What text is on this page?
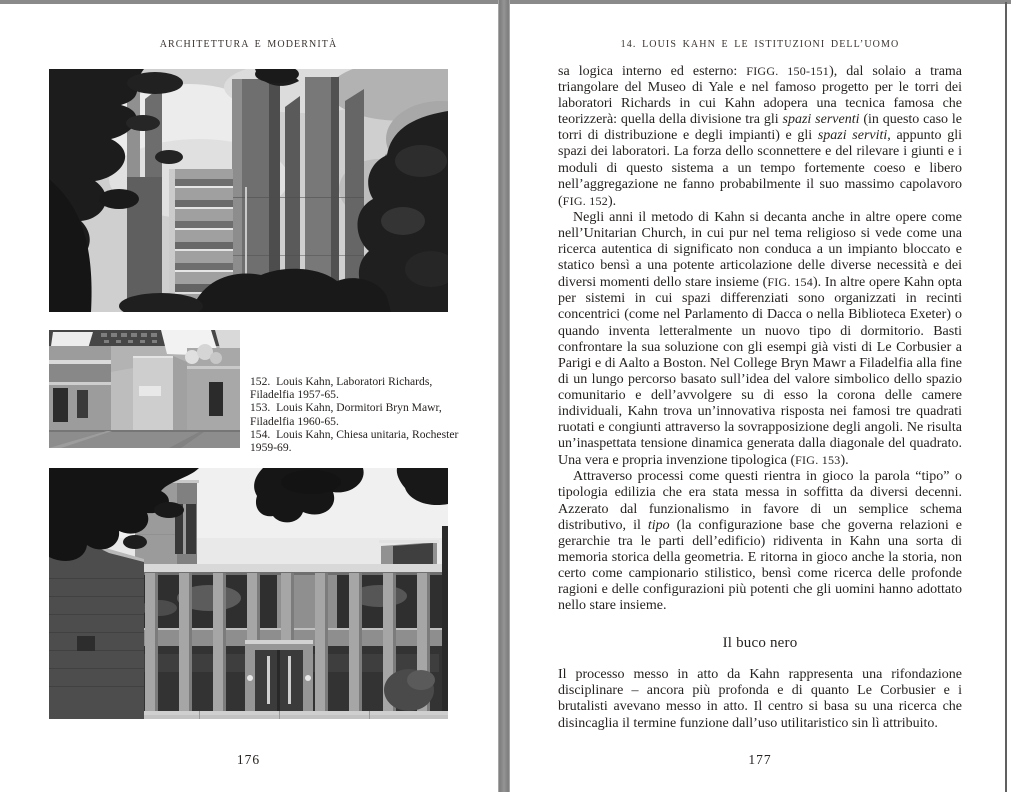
ARCHITETTURA E MODERNITÀ

152. Louis Kahn, Laboratori Richards, Filadelfia 1957-65.

153. Louis Kahn, Dormitori Bryn Mawr, Filadelfia 1960-65.

154. Louis Kahn, Chiesa unitaria, Rochester 1959-69.

176
14. LOUIS KAHN E LE ISTITUZIONI DELL’UOMO

sa logica interno ed esterno: FIGG. 150-151), dal solaio a trama triangolare del Museo di Yale e nel famoso progetto per le torri dei laboratori Richards in cui Kahn adopera una tecnica famosa che teorizzerà: quella della divisione tra gli spazi serventi (in questo caso le torri di distribuzione e degli impianti) e gli spazi serviti, appunto gli spazi dei laboratori. La forza dello sconnettere e del rilevare i giunti e i moduli di questo sistema a un tempo fortemente coeso e libero nell’aggregazione ne fanno probabilmente il suo massimo capolavoro (FIG. 152).

Negli anni il metodo di Kahn si decanta anche in altre opere come nell’Unitarian Church, in cui pur nel tema religioso si vede come una ricerca autentica di significato non conduca a un impianto bloccato e statico bensì a una potente articolazione delle diverse necessità e dei diversi momenti dello stare insieme (FIG. 154). In altre opere Kahn opta per sistemi in cui spazi differenziati sono organizzati in recinti concentrici (come nel Parlamento di Dacca o nella Biblioteca Exeter) o quando inventa letteralmente un nuovo tipo di dormitorio. Basti confrontare la sua soluzione con gli esempi già visti di Le Corbusier a Parigi e di Aalto a Boston. Nel College Bryn Mawr a Filadelfia alla fine di un lungo percorso basato sull’idea del valore simbolico dello spazio comunitario e dell’avvolgere su di esso la corona delle camere individuali, Kahn trova un’innovativa risposta nei famosi tre quadrati ruotati e congiunti attraverso la sovrapposizione degli angoli. Ne risulta un’inaspettata tensione dinamica generata dalla diagonale del quadrato. Una vera e propria invenzione tipologica (FIG. 153).

Attraverso processi come questi rientra in gioco la parola “tipo” o tipologia edilizia che era stata messa in soffitta da diversi decenni. Azzerato dal funzionalismo in favore di un semplice schema distributivo, il tipo (la configurazione base che governa relazioni e gerarchie tra le parti dell’edificio) ridiventa in Kahn una sorta di memoria storica della geometria. E ritorna in gioco anche la storia, non certo come campionario stilistico, bensì come ricerca delle profonde ragioni e delle configurazioni più potenti che gli uomini hanno adottato nello stare insieme.

Il buco nero

Il processo messo in atto da Kahn rappresenta una rifondazione disciplinare – ancora più profonda e di quanto Le Corbusier e i brutalisti avevano messo in atto. Il centro si basa su una ricerca che disincaglia il termine funzione dall’uso utilitaristico sin lì attribuito.

177
